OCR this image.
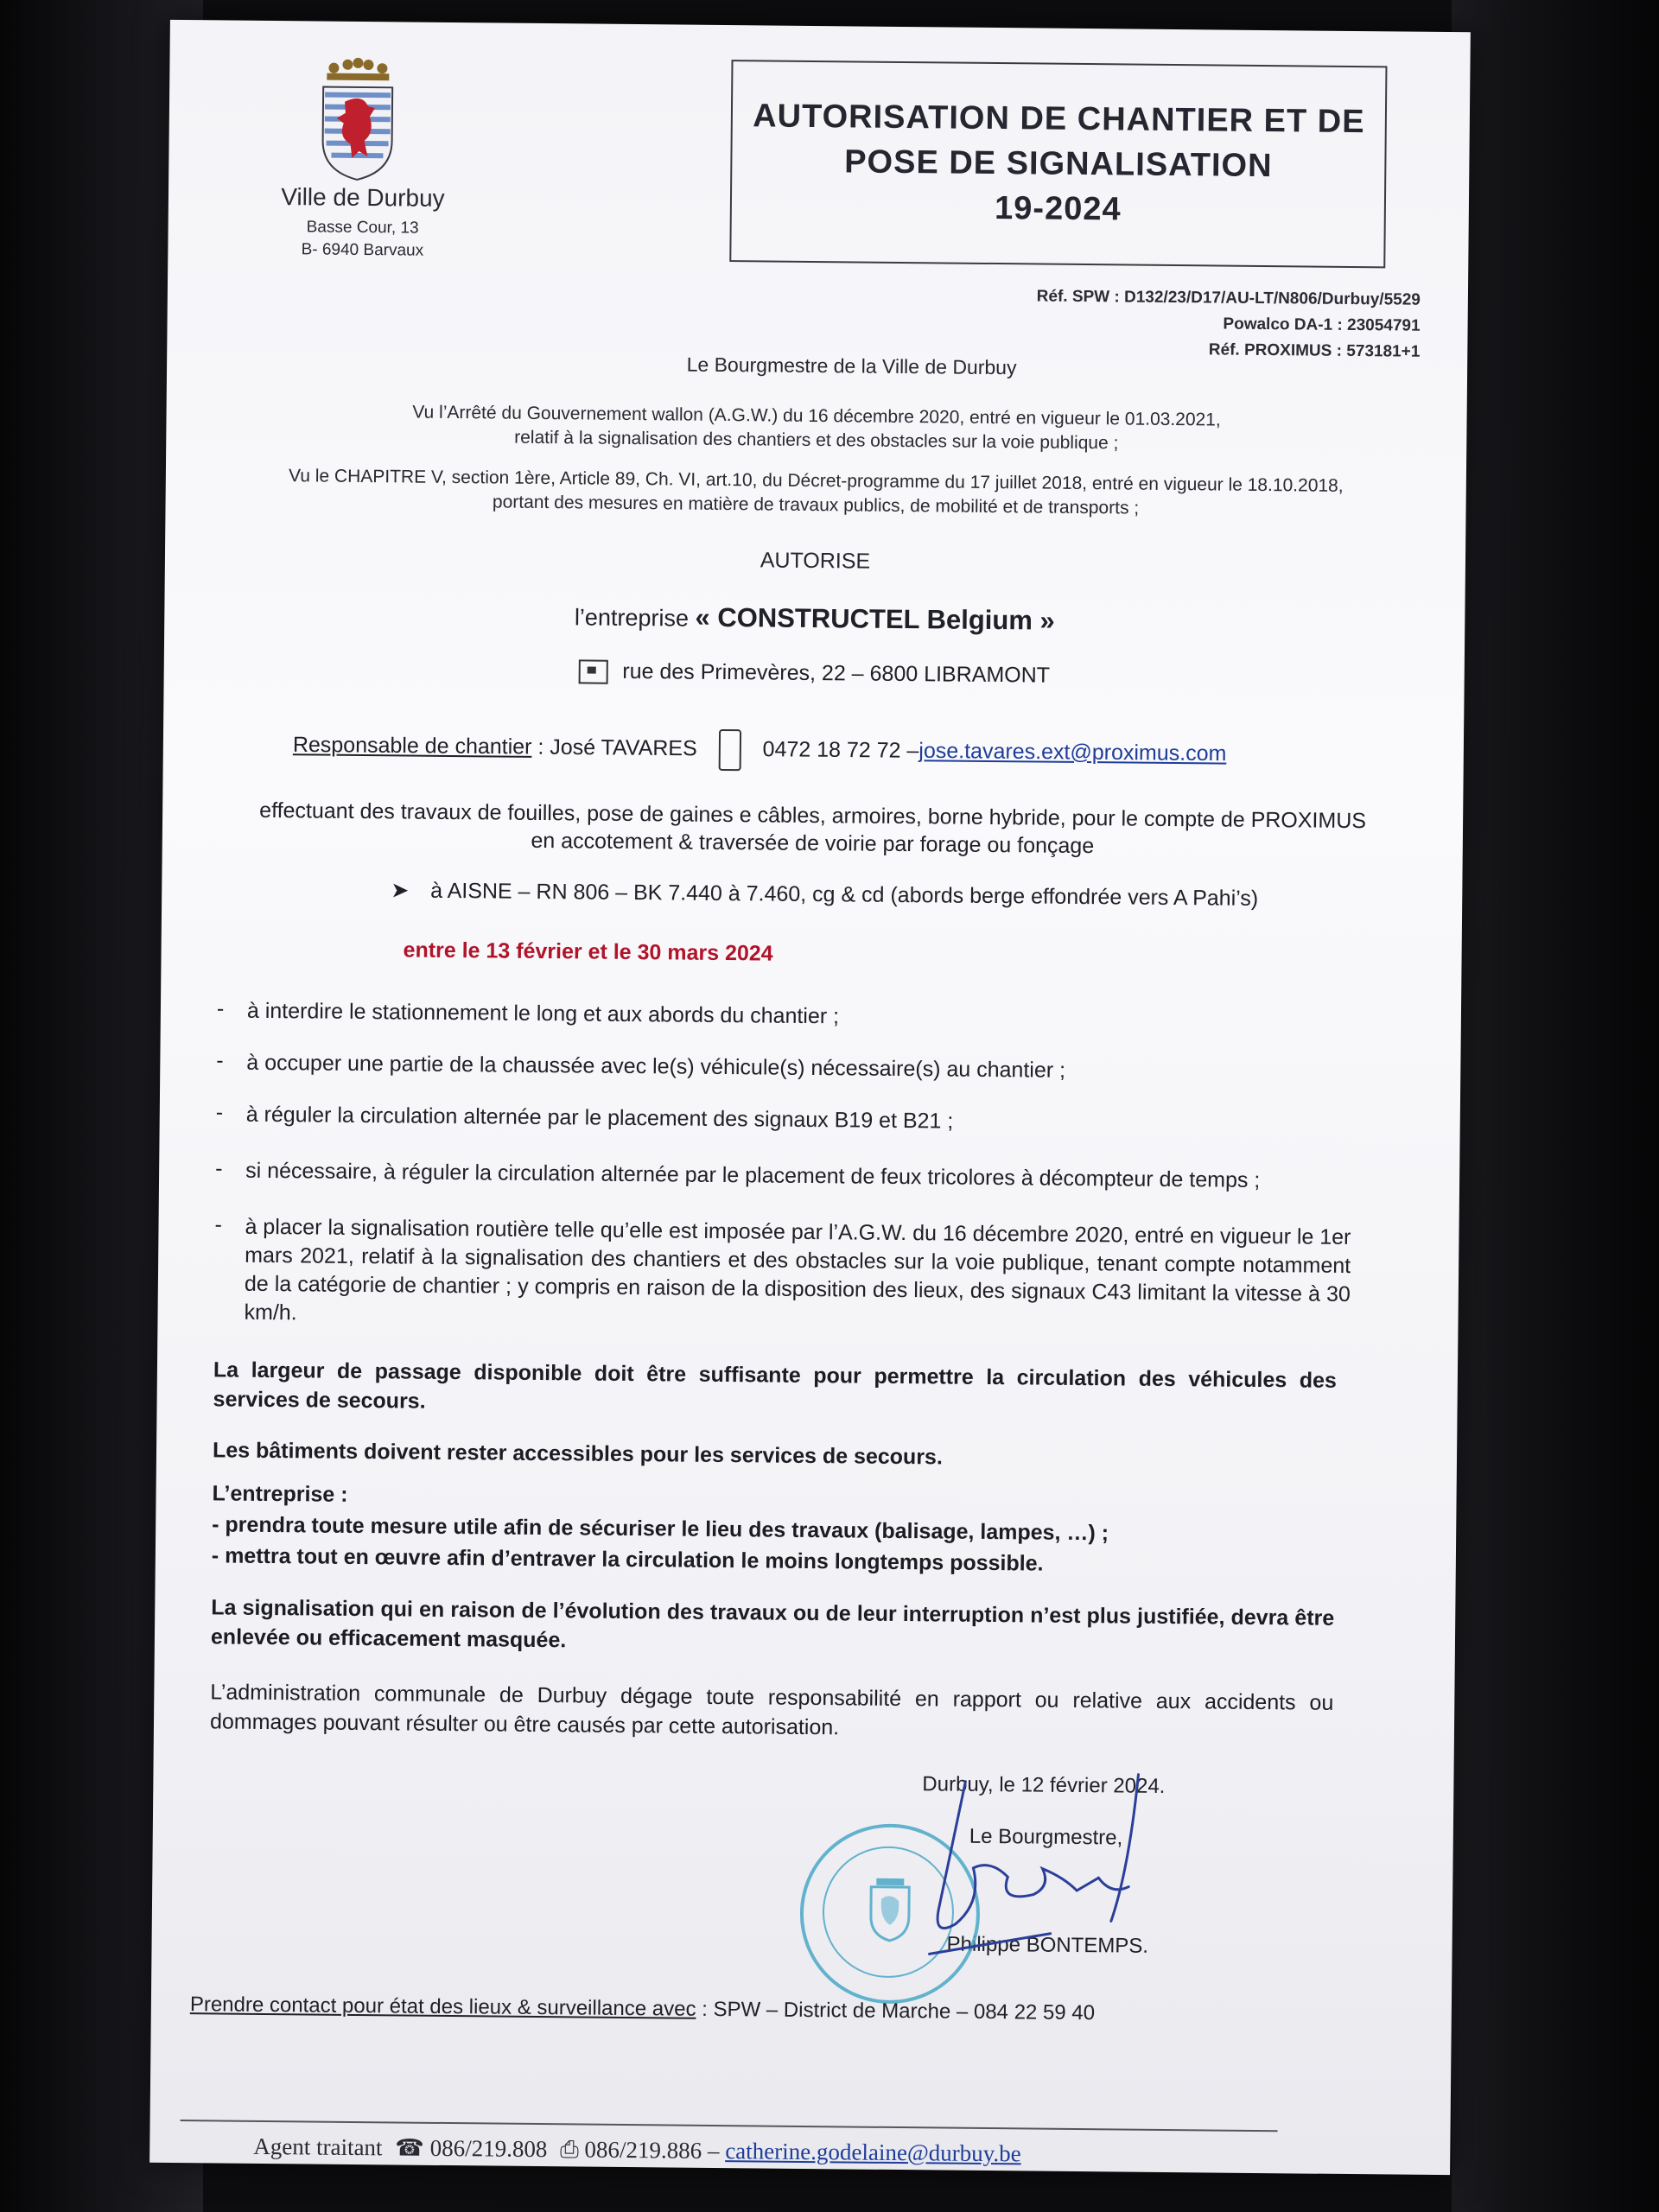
Ville de Durbuy
Basse Cour, 13
B- 6940 Barvaux
AUTORISATION DE CHANTIER ET DE
POSE DE SIGNALISATION
19-2024
Réf. SPW : D132/23/D17/AU-LT/N806/Durbuy/5529
Powalco DA-1 : 23054791
Réf. PROXIMUS : 573181+1
Le Bourgmestre de la Ville de Durbuy
Vu l’Arrêté du Gouvernement wallon (A.G.W.) du 16 décembre 2020, entré en vigueur le 01.03.2021,
relatif à la signalisation des chantiers et des obstacles sur la voie publique ;
Vu le CHAPITRE V, section 1ère, Article 89, Ch. VI, art.10, du Décret-programme du 17 juillet 2018, entré en vigueur le 18.10.2018,
portant des mesures en matière de travaux publics, de mobilité et de transports ;
AUTORISE
l’entreprise « CONSTRUCTEL Belgium »
rue des Primevères, 22 – 6800 LIBRAMONT
Responsable de chantier : José TAVARES	0472 18 72 72 –jose.tavares.ext@proximus.com
effectuant des travaux de fouilles, pose de gaines e câbles, armoires, borne hybride, pour le compte de PROXIMUS
en accotement & traversée de voirie par forage ou fonçage
➤ à AISNE – RN 806 – BK 7.440 à 7.460, cg & cd (abords berge effondrée vers A Pahi’s)
entre le 13 février et le 30 mars 2024
- à interdire le stationnement le long et aux abords du chantier ;
- à occuper une partie de la chaussée avec le(s) véhicule(s) nécessaire(s) au chantier ;
- à réguler la circulation alternée par le placement des signaux B19 et B21 ;
- si nécessaire, à réguler la circulation alternée par le placement de feux tricolores à décompteur de temps ;
- à placer la signalisation routière telle qu’elle est imposée par l’A.G.W. du 16 décembre 2020, entré en vigueur le 1er mars 2021, relatif à la signalisation des chantiers et des obstacles sur la voie publique, tenant compte notamment de la catégorie de chantier ; y compris en raison de la disposition des lieux, des signaux C43 limitant la vitesse à 30 km/h.
La largeur de passage disponible doit être suffisante pour permettre la circulation des véhicules des services de secours.
Les bâtiments doivent rester accessibles pour les services de secours.
L’entreprise :
- prendra toute mesure utile afin de sécuriser le lieu des travaux (balisage, lampes, …) ;
- mettra tout en œuvre afin d’entraver la circulation le moins longtemps possible.
La signalisation qui en raison de l’évolution des travaux ou de leur interruption n’est plus justifiée, devra être enlevée ou efficacement masquée.
L’administration communale de Durbuy dégage toute responsabilité en rapport ou relative aux accidents ou dommages pouvant résulter ou être causés par cette autorisation.
Durbuy, le 12 février 2024.
Le Bourgmestre,
Philippe BONTEMPS.
Prendre contact pour état des lieux & surveillance avec : SPW – District de Marche – 084 22 59 40
Agent traitant ☎ 086/219.808 ⎙ 086/219.886 – catherine.godelaine@durbuy.be
